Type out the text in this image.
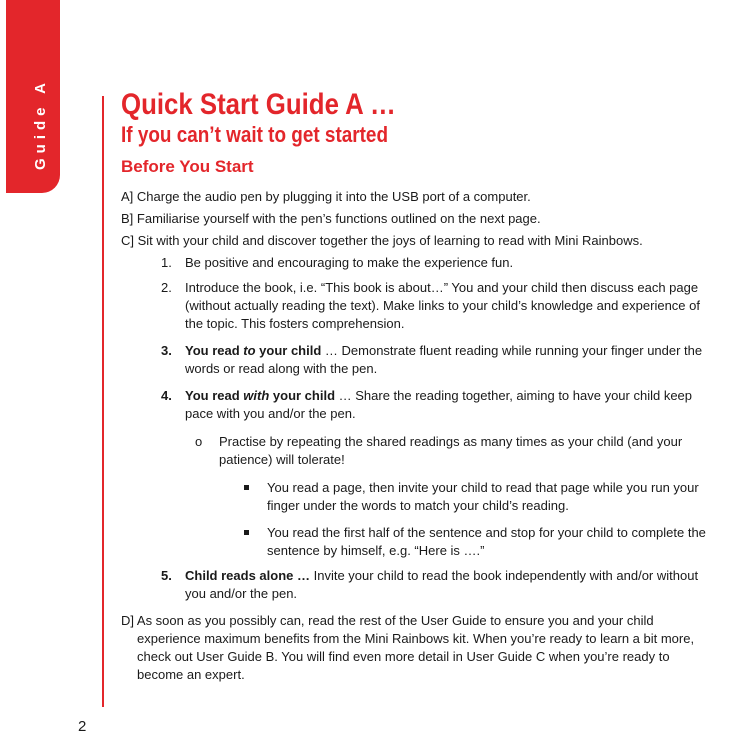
Guide A Quick Start Guide A …
If you can’t wait to get started
Before You Start

A] Charge the audio pen by plugging it into the USB port of a computer.

B] Familiarise yourself with the pen’s functions outlined on the next page.

C] Sit with your child and discover together the joys of learning to read with Mini Rainbows.

1. Be positive and encouraging to make the experience fun.
2. Introduce the book, i.e. “This book is about…” You and your child then discuss each page (without actually reading the text). Make links to your child’s knowledge and experience of the topic. This fosters comprehension.
3. You read to your child … Demonstrate fluent reading while running your finger under the words or read along with the pen.
4. You read with your child … Share the reading together, aiming to have your child keep pace with you and/or the pen.
o Practise by repeating the shared readings as many times as your child (and your patience) will tolerate!
You read a page, then invite your child to read that page while you run your finger under the words to match your child’s reading.
You read the first half of the sentence and stop for your child to complete the sentence by himself, e.g. “Here is ….”
5. Child reads alone … Invite your child to read the book independently with and/or without you and/or the pen.

D] As soon as you possibly can, read the rest of the User Guide to ensure you and your child experience maximum benefits from the Mini Rainbows kit. When you’re ready to learn a bit more, check out User Guide B. You will find even more detail in User Guide C when you’re ready to become an expert.

2
